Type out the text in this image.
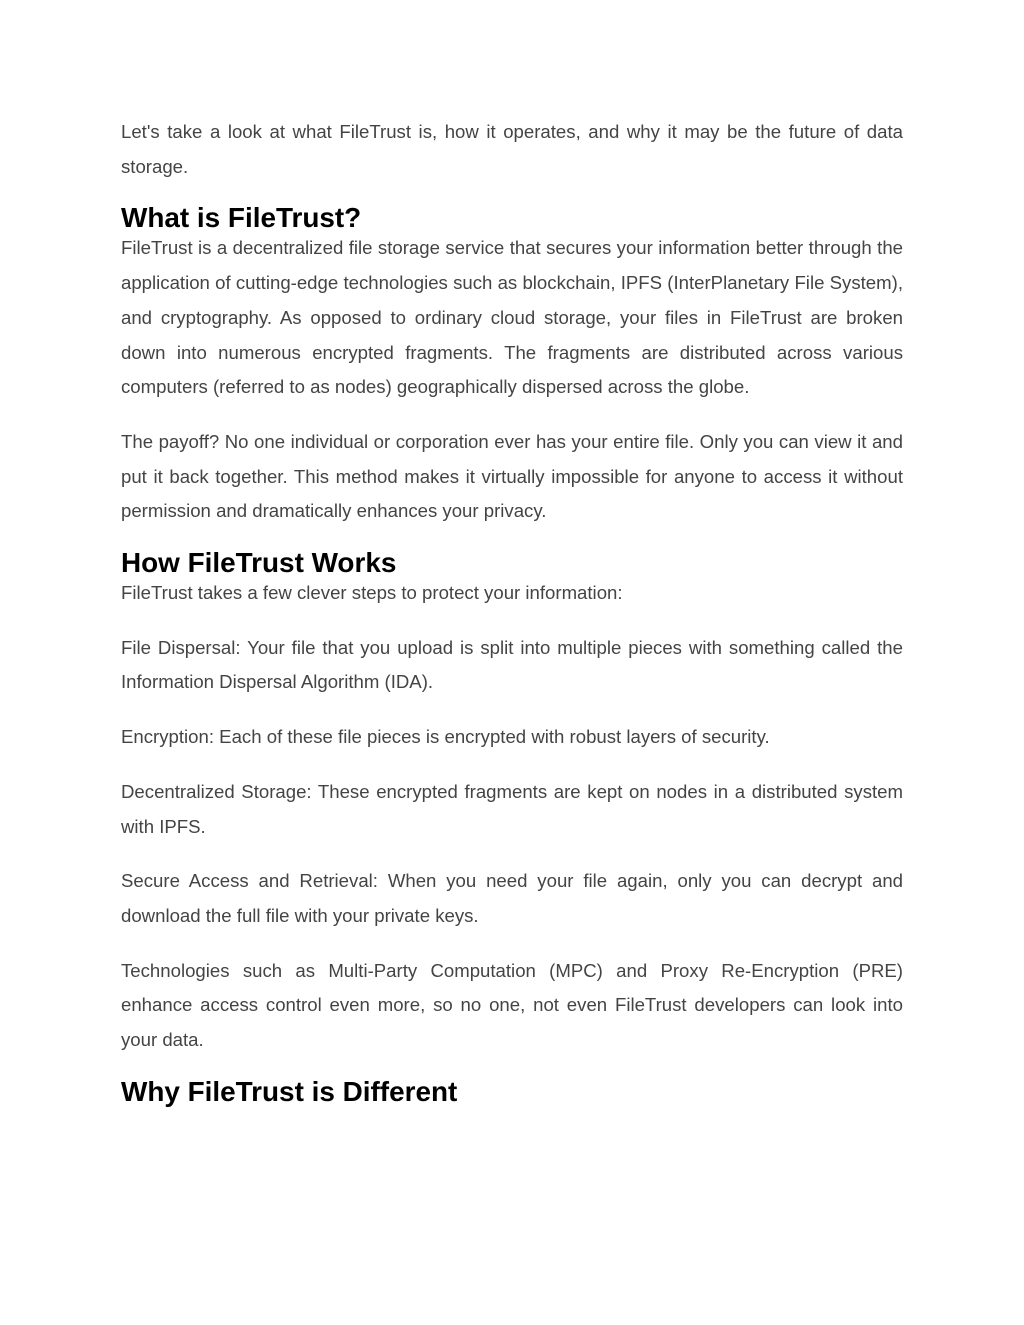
Let's take a look at what FileTrust is, how it operates, and why it may be the future of data storage.

What is FileTrust?

FileTrust is a decentralized file storage service that secures your information better through the application of cutting-edge technologies such as blockchain, IPFS (InterPlanetary File System), and cryptography. As opposed to ordinary cloud storage, your files in FileTrust are broken down into numerous encrypted fragments. The fragments are distributed across various computers (referred to as nodes) geographically dispersed across the globe.

The payoff? No one individual or corporation ever has your entire file. Only you can view it and put it back together. This method makes it virtually impossible for anyone to access it without permission and dramatically enhances your privacy.

How FileTrust Works

FileTrust takes a few clever steps to protect your information:

File Dispersal: Your file that you upload is split into multiple pieces with something called the Information Dispersal Algorithm (IDA).

Encryption: Each of these file pieces is encrypted with robust layers of security.

Decentralized Storage: These encrypted fragments are kept on nodes in a distributed system with IPFS.

Secure Access and Retrieval: When you need your file again, only you can decrypt and download the full file with your private keys.

Technologies such as Multi-Party Computation (MPC) and Proxy Re-Encryption (PRE) enhance access control even more, so no one, not even FileTrust developers can look into your data.

Why FileTrust is Different
